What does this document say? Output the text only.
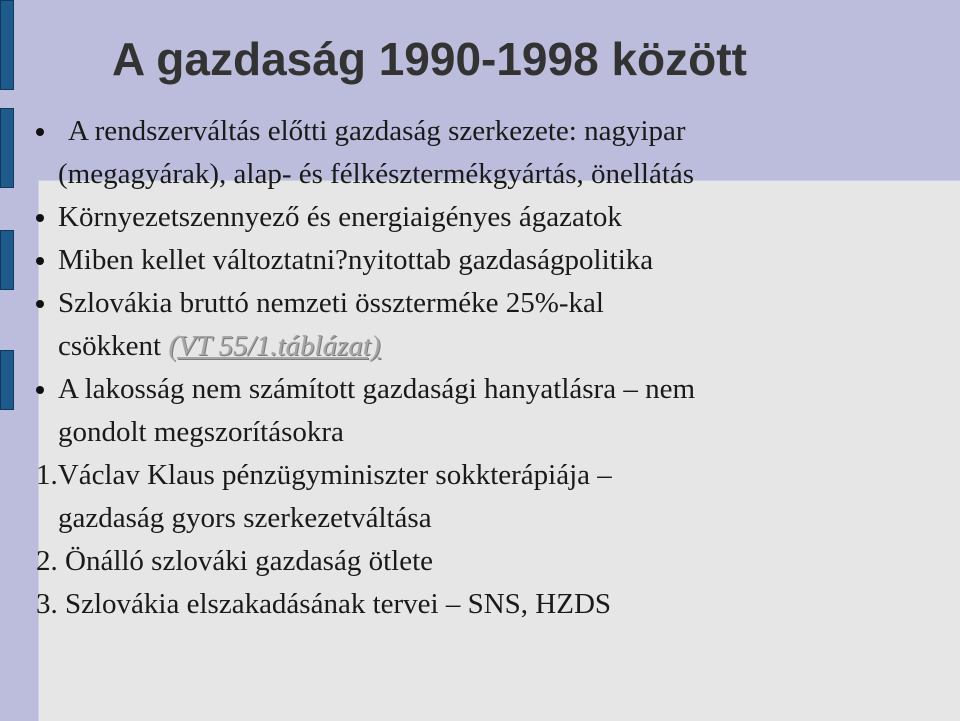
A gazdaság 1990-1998 között
A rendszerváltás előtti gazdaság szerkezete: nagyipar
(megagyárak), alap- és félkésztermékgyártás, önellátás
Környezetszennyező és energiaigényes ágazatok
Miben kellet változtatni?nyitottab gazdaságpolitika
Szlovákia bruttó nemzeti összterméke 25%-kal
csökkent (VT 55/1.táblázat)
A lakosság nem számított gazdasági hanyatlásra – nem
gondolt megszorításokra
1.Václav Klaus pénzügyminiszter sokkterápiája –
gazdaság gyors szerkezetváltása
2. Önálló szlováki gazdaság ötlete
3. Szlovákia elszakadásának tervei – SNS, HZDS
